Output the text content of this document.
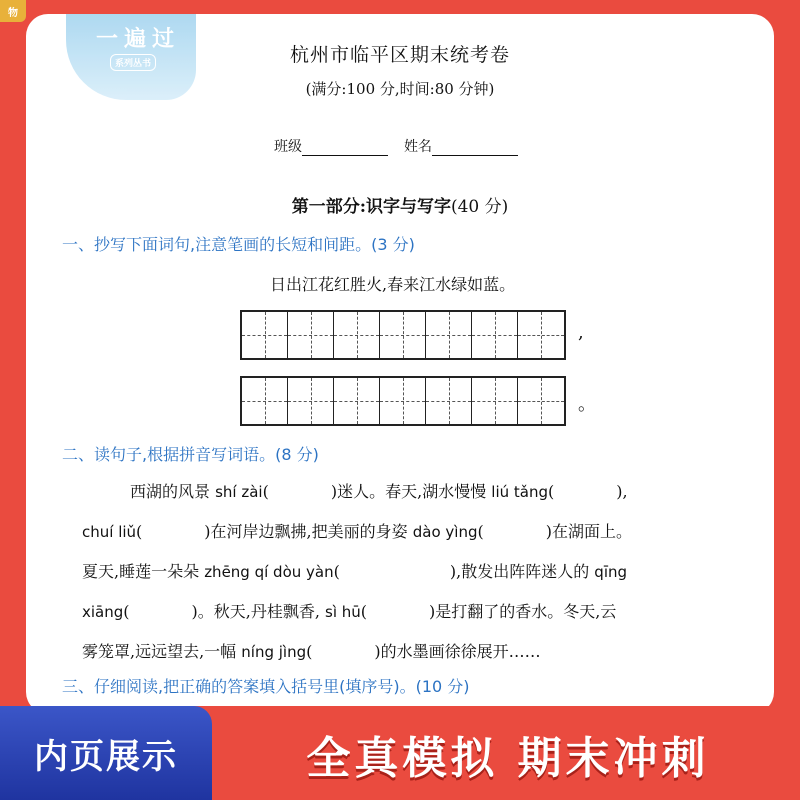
物
一遍过
系列丛书	杭州市临平区期末统考卷
(满分:100 分,时间:80 分钟)
班级	姓名
第一部分:识字与写字(40 分)
一、抄写下面词句,注意笔画的长短和间距。(3 分)
日出江花红胜火,春来江水绿如蓝。
,
。
二、读句子,根据拼音写词语。(8 分)
西湖的风景 shí zài(	)迷人。春天,湖水慢慢 liú tǎng(	),
chuí liǔ(	)在河岸边飘拂,把美丽的身姿 dào yìng(	)在湖面上。
夏天,睡莲一朵朵 zhēng qí dòu yàn(	),散发出阵阵迷人的 qīng
xiāng(	)。秋天,丹桂飘香, sì hū(	)是打翻了的香水。冬天,云
雾笼罩,远远望去,一幅 níng jìng(	)的水墨画徐徐展开……
三、仔细阅读,把正确的答案填入括号里(填序号)。(10 分)
内页展示	全真模拟 期末冲刺
